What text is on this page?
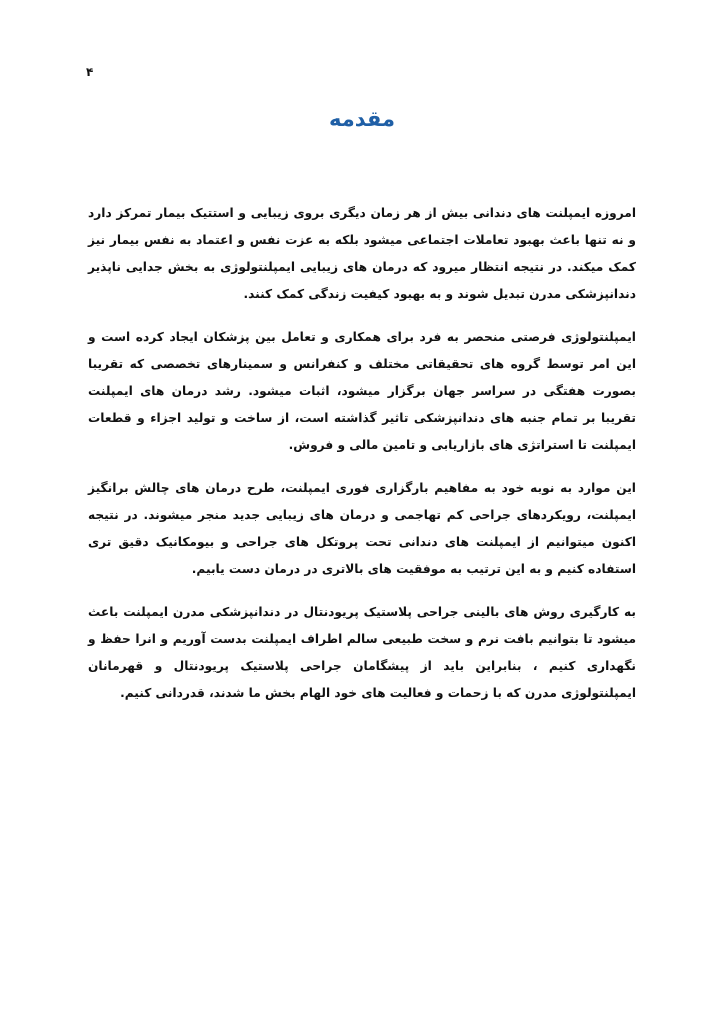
۴
مقدمه

امروزه ایمپلنت های دندانی بیش از هر زمان دیگری بروی زیبایی و استتیک بیمار تمرکز دارد و نه تنها باعث بهبود تعاملات اجتماعی میشود بلکه به عزت نفس و اعتماد به نفس بیمار نیز کمک میکند. در نتیجه انتظار میرود که درمان های زیبایی ایمپلنتولوژی به بخش جدایی ناپذیر دندانپزشکی مدرن تبدیل شوند و به بهبود کیفیت زندگی کمک کنند.

ایمپلنتولوژی فرصتی منحصر به فرد برای همکاری و تعامل بین پزشکان ایجاد کرده است و این امر توسط گروه های تحقیقاتی مختلف و کنفرانس و سمینارهای تخصصی که تقریبا بصورت هفتگی در سراسر جهان برگزار میشود، اثبات میشود. رشد درمان های ایمپلنت تقریبا بر تمام جنبه های دندانپزشکی تاثیر گذاشته است، از ساخت و تولید اجزاء و قطعات ایمپلنت تا استراتژی های بازاریابی و تامین مالی و فروش.

این موارد به نوبه خود به مفاهیم بارگزاری فوری ایمپلنت، طرح درمان های چالش برانگیز ایمپلنت، رویکردهای جراحی کم تهاجمی و درمان های زیبایی جدید منجر میشوند. در نتیجه اکنون میتوانیم از ایمپلنت های دندانی تحت پروتکل های جراحی و بیومکانیک دقیق تری استفاده کنیم و به این ترتیب به موفقیت های بالاتری در درمان دست یابیم.

به کارگیری روش های بالینی جراحی پلاستیک پریودنتال در دندانپزشکی مدرن ایمپلنت باعث میشود تا بتوانیم بافت نرم و سخت طبیعی سالم اطراف ایمپلنت بدست آوریم و انرا حفظ و نگهداری کنیم ، بنابراین باید از پیشگامان جراحی پلاستیک پریودنتال و قهرمانان ایمپلنتولوژی مدرن که با زحمات و فعالیت های خود الهام بخش ما شدند، قدردانی کنیم.
